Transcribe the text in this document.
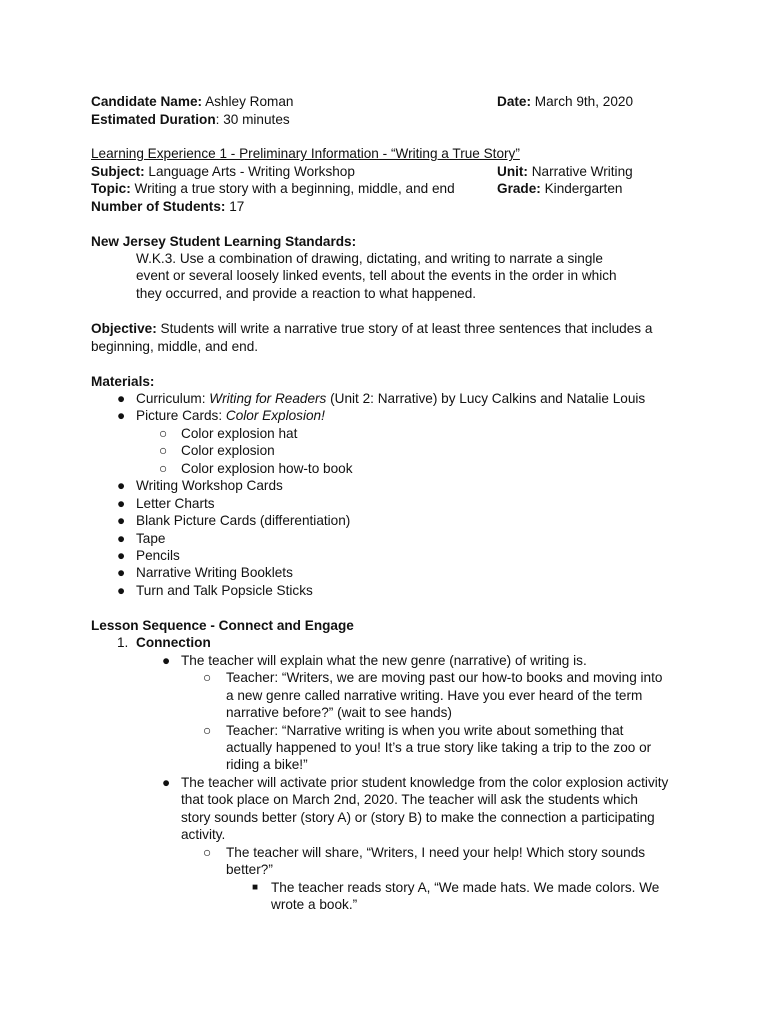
Candidate Name: Ashley Roman	Date: March 9th, 2020
Estimated Duration: 30 minutes
Learning Experience 1 - Preliminary Information - “Writing a True Story”
Subject: Language Arts - Writing Workshop	Unit: Narrative Writing
Topic: Writing a true story with a beginning, middle, and end	Grade: Kindergarten
Number of Students: 17
New Jersey Student Learning Standards:
W.K.3. Use a combination of drawing, dictating, and writing to narrate a single
event or several loosely linked events, tell about the events in the order in which
they occurred, and provide a reaction to what happened.
Objective: Students will write a narrative true story of at least three sentences that includes a
beginning, middle, and end.
Materials:
● Curriculum: Writing for Readers (Unit 2: Narrative) by Lucy Calkins and Natalie Louis
● Picture Cards: Color Explosion!
○ Color explosion hat
○ Color explosion
○ Color explosion how-to book
● Writing Workshop Cards
● Letter Charts
● Blank Picture Cards (differentiation)
● Tape
● Pencils
● Narrative Writing Booklets
● Turn and Talk Popsicle Sticks
Lesson Sequence - Connect and Engage
1. Connection
● The teacher will explain what the new genre (narrative) of writing is.
○ Teacher: “Writers, we are moving past our how-to books and moving into
a new genre called narrative writing. Have you ever heard of the term
narrative before?” (wait to see hands)
○ Teacher: “Narrative writing is when you write about something that
actually happened to you! It’s a true story like taking a trip to the zoo or
riding a bike!”
● The teacher will activate prior student knowledge from the color explosion activity
that took place on March 2nd, 2020. The teacher will ask the students which
story sounds better (story A) or (story B) to make the connection a participating
activity.
○ The teacher will share, “Writers, I need your help! Which story sounds
better?”
■ The teacher reads story A, “We made hats. We made colors. We
wrote a book.”
